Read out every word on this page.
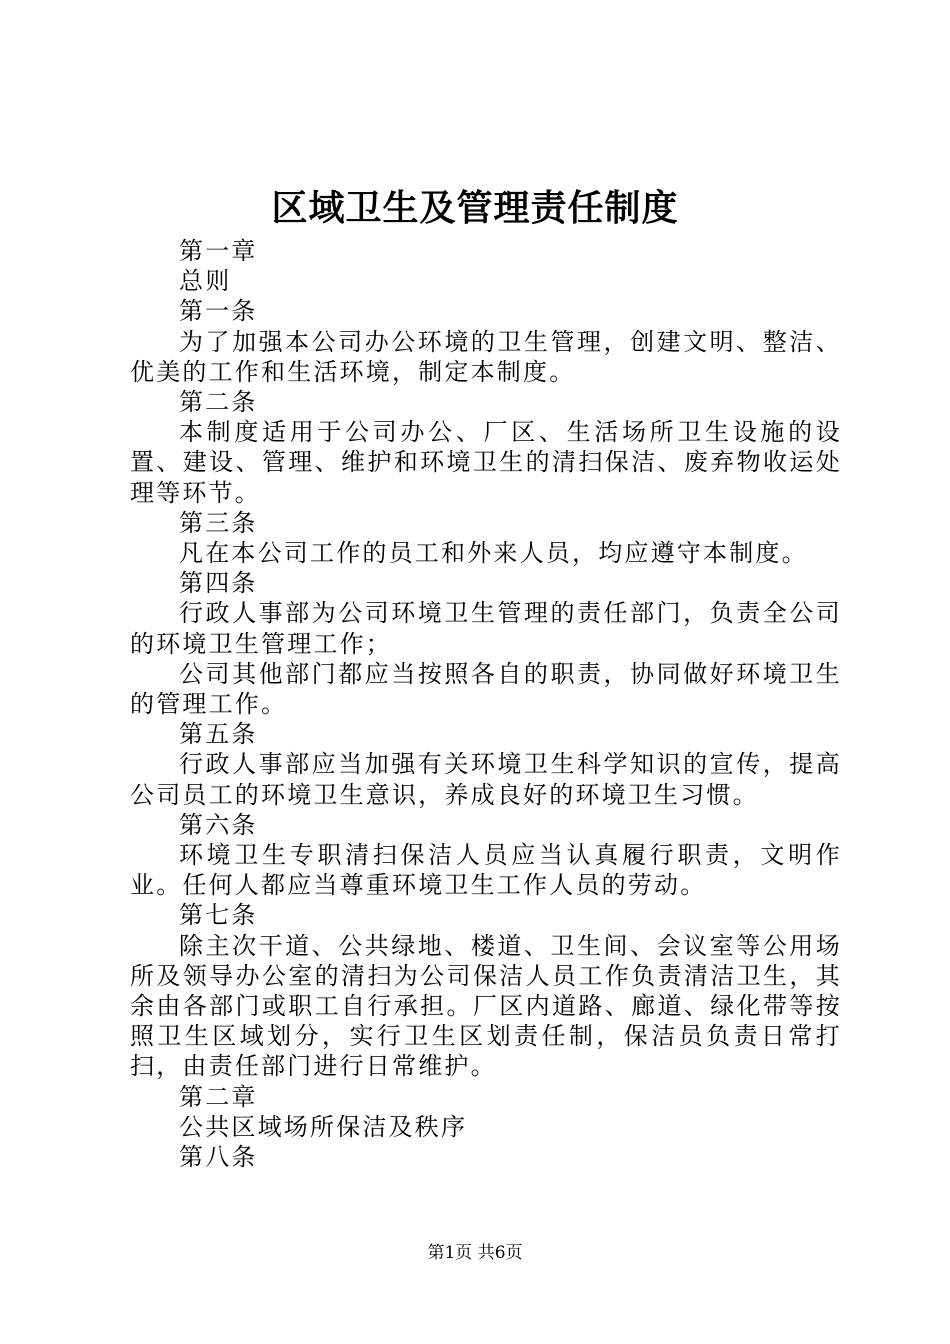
区域卫生及管理责任制度
第一章
总则
第一条
为了加强本公司办公环境的卫生管理，创建文明、整洁、优美的工作和生活环境，制定本制度。
第二条
本制度适用于公司办公、厂区、生活场所卫生设施的设置、建设、管理、维护和环境卫生的清扫保洁、废弃物收运处理等环节。
第三条
凡在本公司工作的员工和外来人员，均应遵守本制度。
第四条
行政人事部为公司环境卫生管理的责任部门，负责全公司的环境卫生管理工作；
公司其他部门都应当按照各自的职责，协同做好环境卫生的管理工作。
第五条
行政人事部应当加强有关环境卫生科学知识的宣传，提高公司员工的环境卫生意识，养成良好的环境卫生习惯。
第六条
环境卫生专职清扫保洁人员应当认真履行职责，文明作业。任何人都应当尊重环境卫生工作人员的劳动。
第七条
除主次干道、公共绿地、楼道、卫生间、会议室等公用场所及领导办公室的清扫为公司保洁人员工作负责清洁卫生，其余由各部门或职工自行承担。厂区内道路、廊道、绿化带等按照卫生区域划分，实行卫生区划责任制，保洁员负责日常打扫，由责任部门进行日常维护。
第二章
公共区域场所保洁及秩序
第八条
第1页 共6页
